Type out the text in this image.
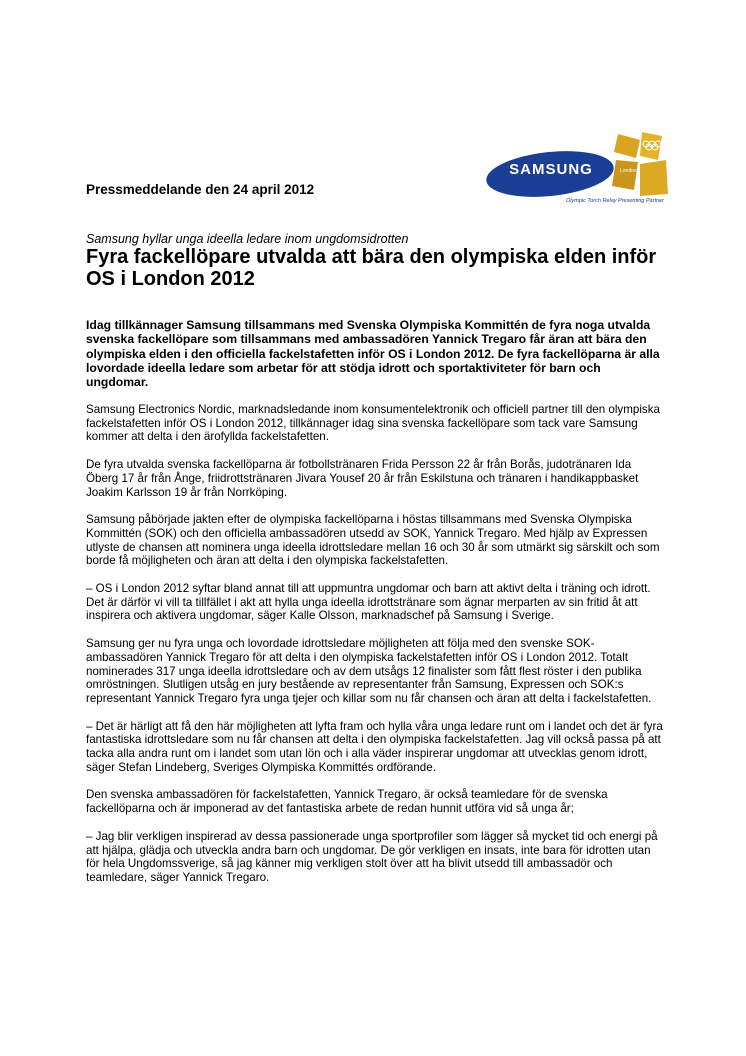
SAMSUNG	London
Olympic Torch Relay Presenting Partner
Pressmeddelande den 24 april 2012
Samsung hyllar unga ideella ledare inom ungdomsidrotten
Fyra fackellöpare utvalda att bära den olympiska elden inför OS i London 2012
Idag tillkännager Samsung tillsammans med Svenska Olympiska Kommittén de fyra noga utvalda svenska fackellöpare som tillsammans med ambassadören Yannick Tregaro får äran att bära den olympiska elden i den officiella fackelstafetten inför OS i London 2012. De fyra fackellöparna är alla lovordade ideella ledare som arbetar för att stödja idrott och sportaktiviteter för barn och ungdomar.

Samsung Electronics Nordic, marknadsledande inom konsumentelektronik och officiell partner till den olympiska fackelstafetten inför OS i London 2012, tillkännager idag sina svenska fackellöpare som tack vare Samsung kommer att delta i den ärofyllda fackelstafetten.

De fyra utvalda svenska fackellöparna är fotbollstränaren Frida Persson 22 år från Borås, judotränaren Ida Öberg 17 år från Ånge, friidrottstränaren Jivara Yousef 20 år från Eskilstuna och tränaren i handikappbasket Joakim Karlsson 19 år från Norrköping.

Samsung påbörjade jakten efter de olympiska fackellöparna i höstas tillsammans med Svenska Olympiska Kommittén (SOK) och den officiella ambassadören utsedd av SOK, Yannick Tregaro. Med hjälp av Expressen utlyste de chansen att nominera unga ideella idrottsledare mellan 16 och 30 år som utmärkt sig särskilt och som borde få möjligheten och äran att delta i den olympiska fackelstafetten.

– OS i London 2012 syftar bland annat till att uppmuntra ungdomar och barn att aktivt delta i träning och idrott. Det är därför vi vill ta tillfället i akt att hylla unga ideella idrottstränare som ägnar merparten av sin fritid åt att inspirera och aktivera ungdomar, säger Kalle Olsson, marknadschef på Samsung i Sverige.

Samsung ger nu fyra unga och lovordade idrottsledare möjligheten att följa med den svenske SOK-ambassadören Yannick Tregaro för att delta i den olympiska fackelstafetten inför OS i London 2012. Totalt nominerades 317 unga ideella idrottsledare och av dem utsågs 12 finalister som fått flest röster i den publika omröstningen. Slutligen utsåg en jury bestående av representanter från Samsung, Expressen och SOK:s representant Yannick Tregaro fyra unga tjejer och killar som nu får chansen och äran att delta i fackelstafetten.

– Det är härligt att få den här möjligheten att lyfta fram och hylla våra unga ledare runt om i landet och det är fyra fantastiska idrottsledare som nu får chansen att delta i den olympiska fackelstafetten. Jag vill också passa på att tacka alla andra runt om i landet som utan lön och i alla väder inspirerar ungdomar att utvecklas genom idrott, säger Stefan Lindeberg, Sveriges Olympiska Kommittés ordförande.

Den svenska ambassadören för fackelstafetten, Yannick Tregaro, är också teamledare för de svenska fackellöparna och är imponerad av det fantastiska arbete de redan hunnit utföra vid så unga år;

– Jag blir verkligen inspirerad av dessa passionerade unga sportprofiler som lägger så mycket tid och energi på att hjälpa, glädja och utveckla andra barn och ungdomar. De gör verkligen en insats, inte bara för idrotten utan för hela Ungdomssverige, så jag känner mig verkligen stolt över att ha blivit utsedd till ambassadör och teamledare, säger Yannick Tregaro.
